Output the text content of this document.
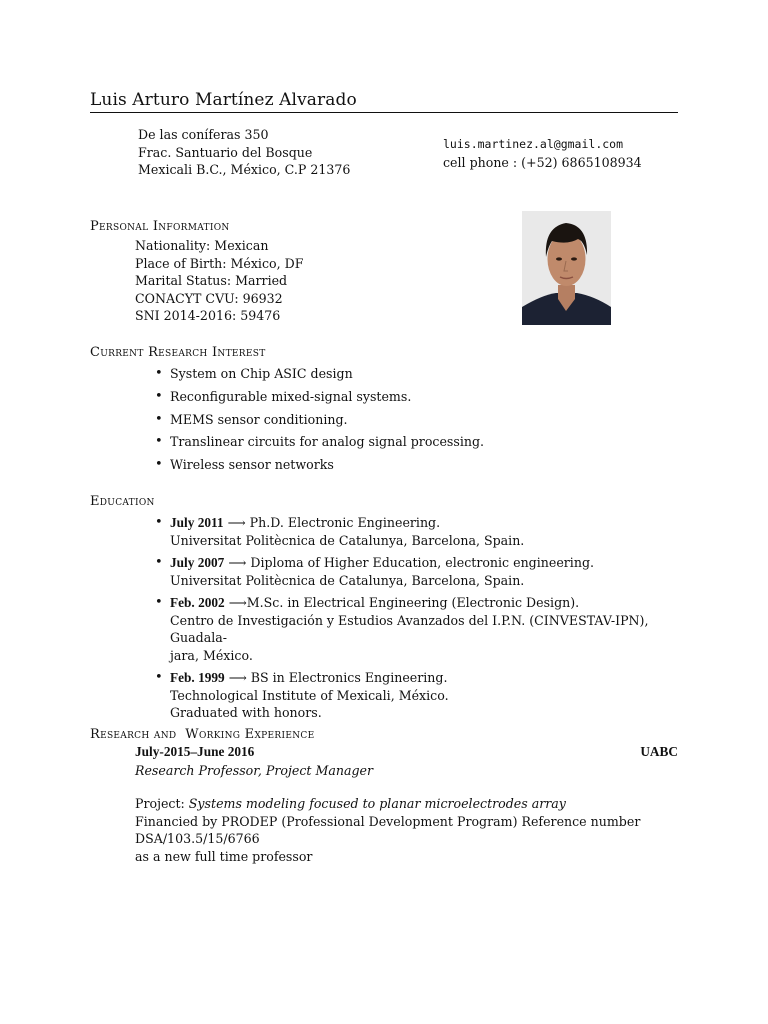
Luis Arturo Martínez Alvarado
De las coníferas 350
Frac. Santuario del Bosque
Mexicali B.C., México, C.P 21376
luis.martinez.al@gmail.com
cell phone : (+52) 6865108934
Personal Information
Nationality: Mexican
Place of Birth: México, DF
Marital Status: Married
CONACYT CVU: 96932
SNI 2014-2016: 59476
Current Research Interest
• System on Chip ASIC design
• Reconfigurable mixed-signal systems.
• MEMS sensor conditioning.
• Translinear circuits for analog signal processing.
• Wireless sensor networks
Education
• July 2011 ⟶ Ph.D. Electronic Engineering.
Universitat Politècnica de Catalunya, Barcelona, Spain.
• July 2007 ⟶ Diploma of Higher Education, electronic engineering.
Universitat Politècnica de Catalunya, Barcelona, Spain.
• Feb. 2002 ⟶M.Sc. in Electrical Engineering (Electronic Design).
Centro de Investigación y Estudios Avanzados del I.P.N. (CINVESTAV-IPN), Guadala-
jara, México.
• Feb. 1999 ⟶ BS in Electronics Engineering.
Technological Institute of Mexicali, México.
Graduated with honors.
Research and  Working Experience
July-2015–June 2016	UABC
Research Professor, Project Manager
Project: Systems modeling focused to planar microelectrodes array
Financied by PRODEP (Professional Development Program) Reference number DSA/103.5/15/6766
as a new full time professor
